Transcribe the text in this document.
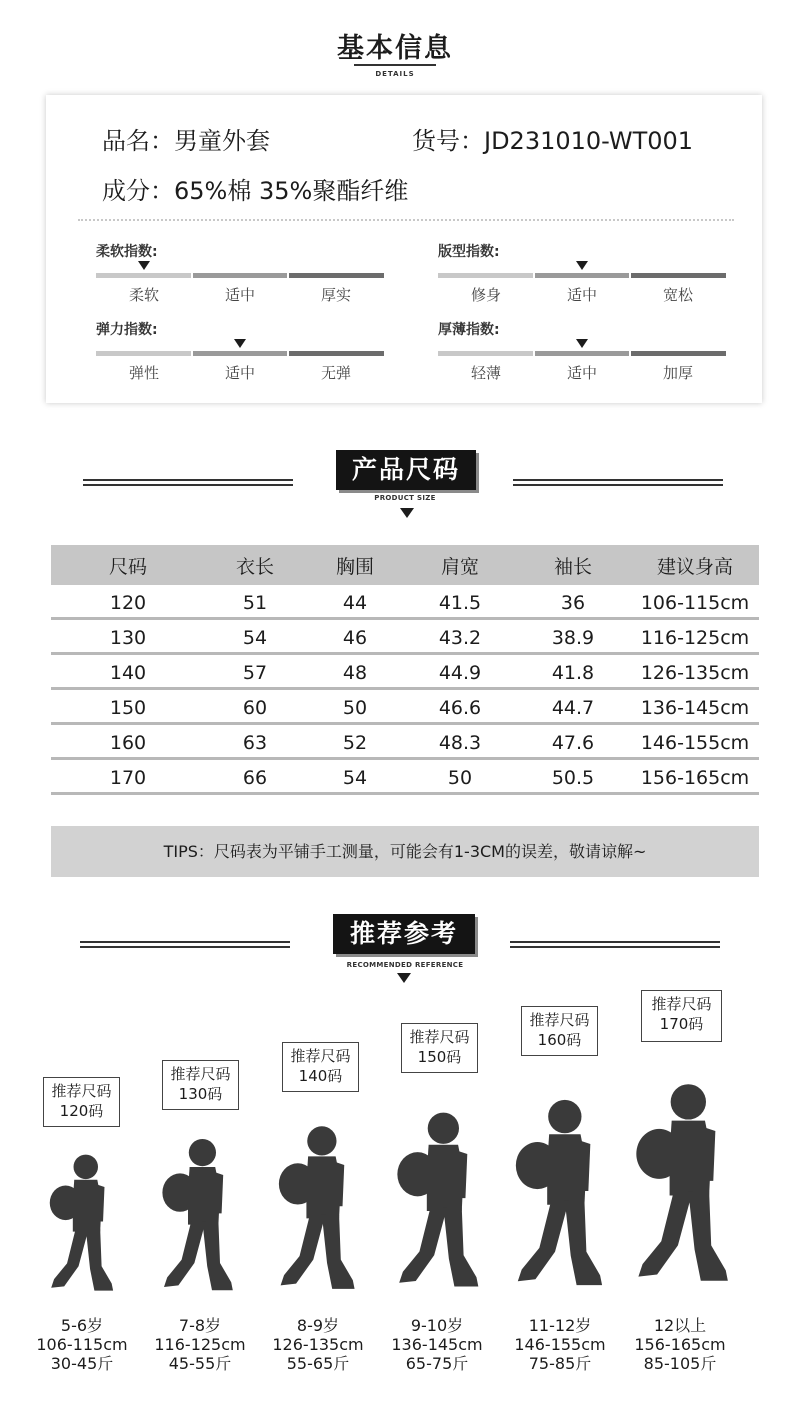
基本信息
DETAILS
品名：男童外套	货号：JD231010-WT001
成分：65%棉 35%聚酯纤维
柔软指数:
柔软	适中	厚实
版型指数:
修身	适中	宽松
弹力指数:
弹性	适中	无弹
厚薄指数:
轻薄	适中	加厚
产品尺码
PRODUCT SIZE
尺码	衣长	胸围	肩宽	袖长	建议身高
120	51	44	41.5	36	106-115cm
130	54	46	43.2	38.9	116-125cm
140	57	48	44.9	41.8	126-135cm
150	60	50	46.6	44.7	136-145cm
160	63	52	48.3	47.6	146-155cm
170	66	54	50	50.5	156-165cm
TIPS：尺码表为平铺手工测量，可能会有1-3CM的误差，敬请谅解~
推荐参考
RECOMMENDED REFERENCE
推荐尺码
120码
5-6岁
106-115cm
30-45斤
推荐尺码
130码
7-8岁
116-125cm
45-55斤
推荐尺码
140码
8-9岁
126-135cm
55-65斤
推荐尺码
150码
9-10岁
136-145cm
65-75斤
推荐尺码
160码
11-12岁
146-155cm
75-85斤
推荐尺码
170码
12以上
156-165cm
85-105斤
